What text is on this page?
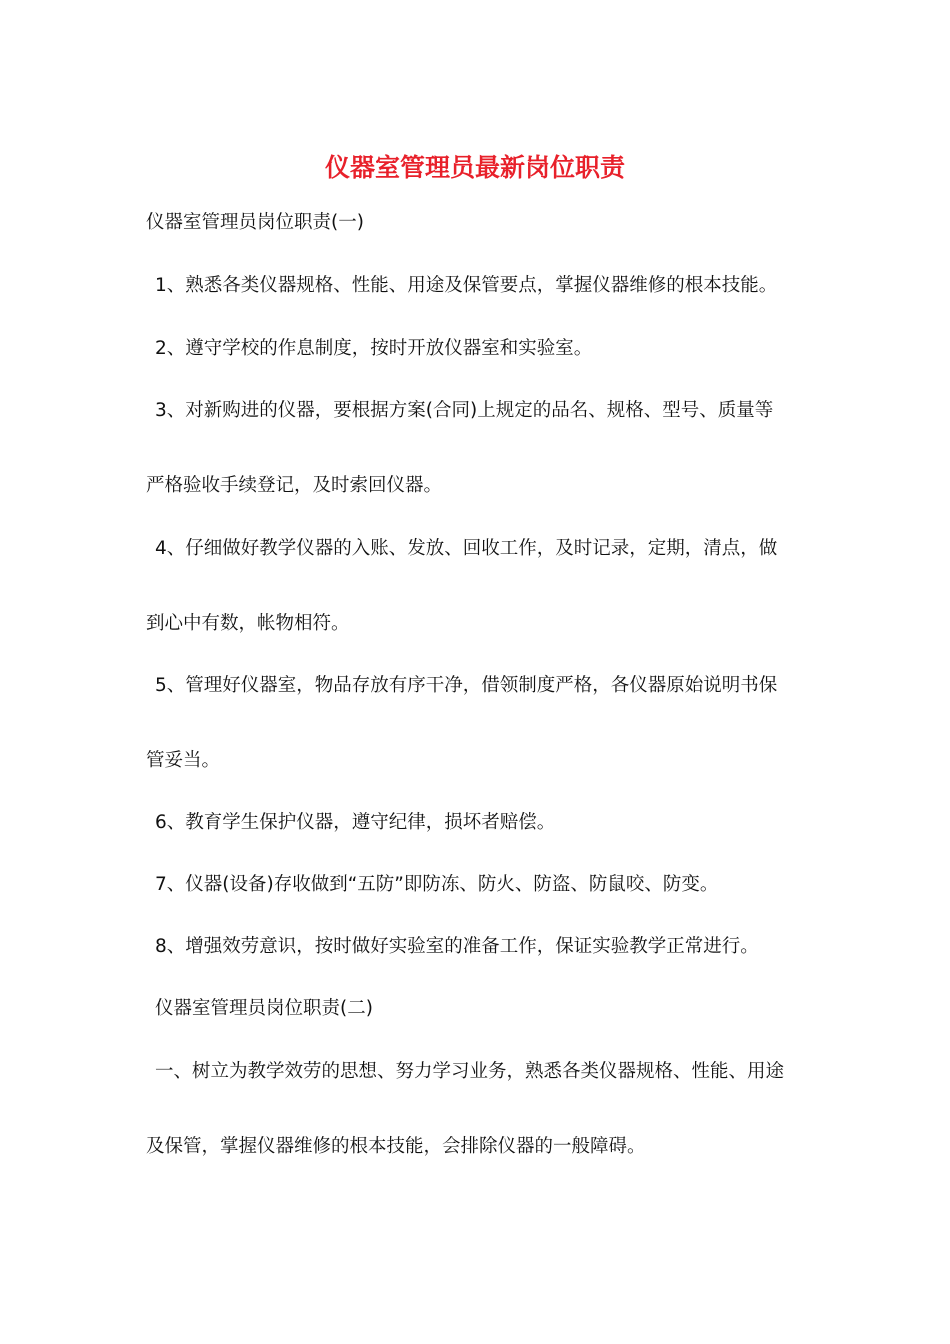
仪器室管理员最新岗位职责
仪器室管理员岗位职责(一)
1、熟悉各类仪器规格、性能、用途及保管要点，掌握仪器维修的根本技能。
2、遵守学校的作息制度，按时开放仪器室和实验室。
3、对新购进的仪器，要根据方案(合同)上规定的品名、规格、型号、质量等
严格验收手续登记，及时索回仪器。
4、仔细做好教学仪器的入账、发放、回收工作，及时记录，定期，清点，做
到心中有数，帐物相符。
5、管理好仪器室，物品存放有序干净，借领制度严格，各仪器原始说明书保
管妥当。
6、教育学生保护仪器，遵守纪律，损坏者赔偿。
7、仪器(设备)存收做到“五防”即防冻、防火、防盗、防鼠咬、防变。
8、增强效劳意识，按时做好实验室的准备工作，保证实验教学正常进行。
仪器室管理员岗位职责(二)
一、树立为教学效劳的思想、努力学习业务，熟悉各类仪器规格、性能、用途
及保管，掌握仪器维修的根本技能，会排除仪器的一般障碍。
